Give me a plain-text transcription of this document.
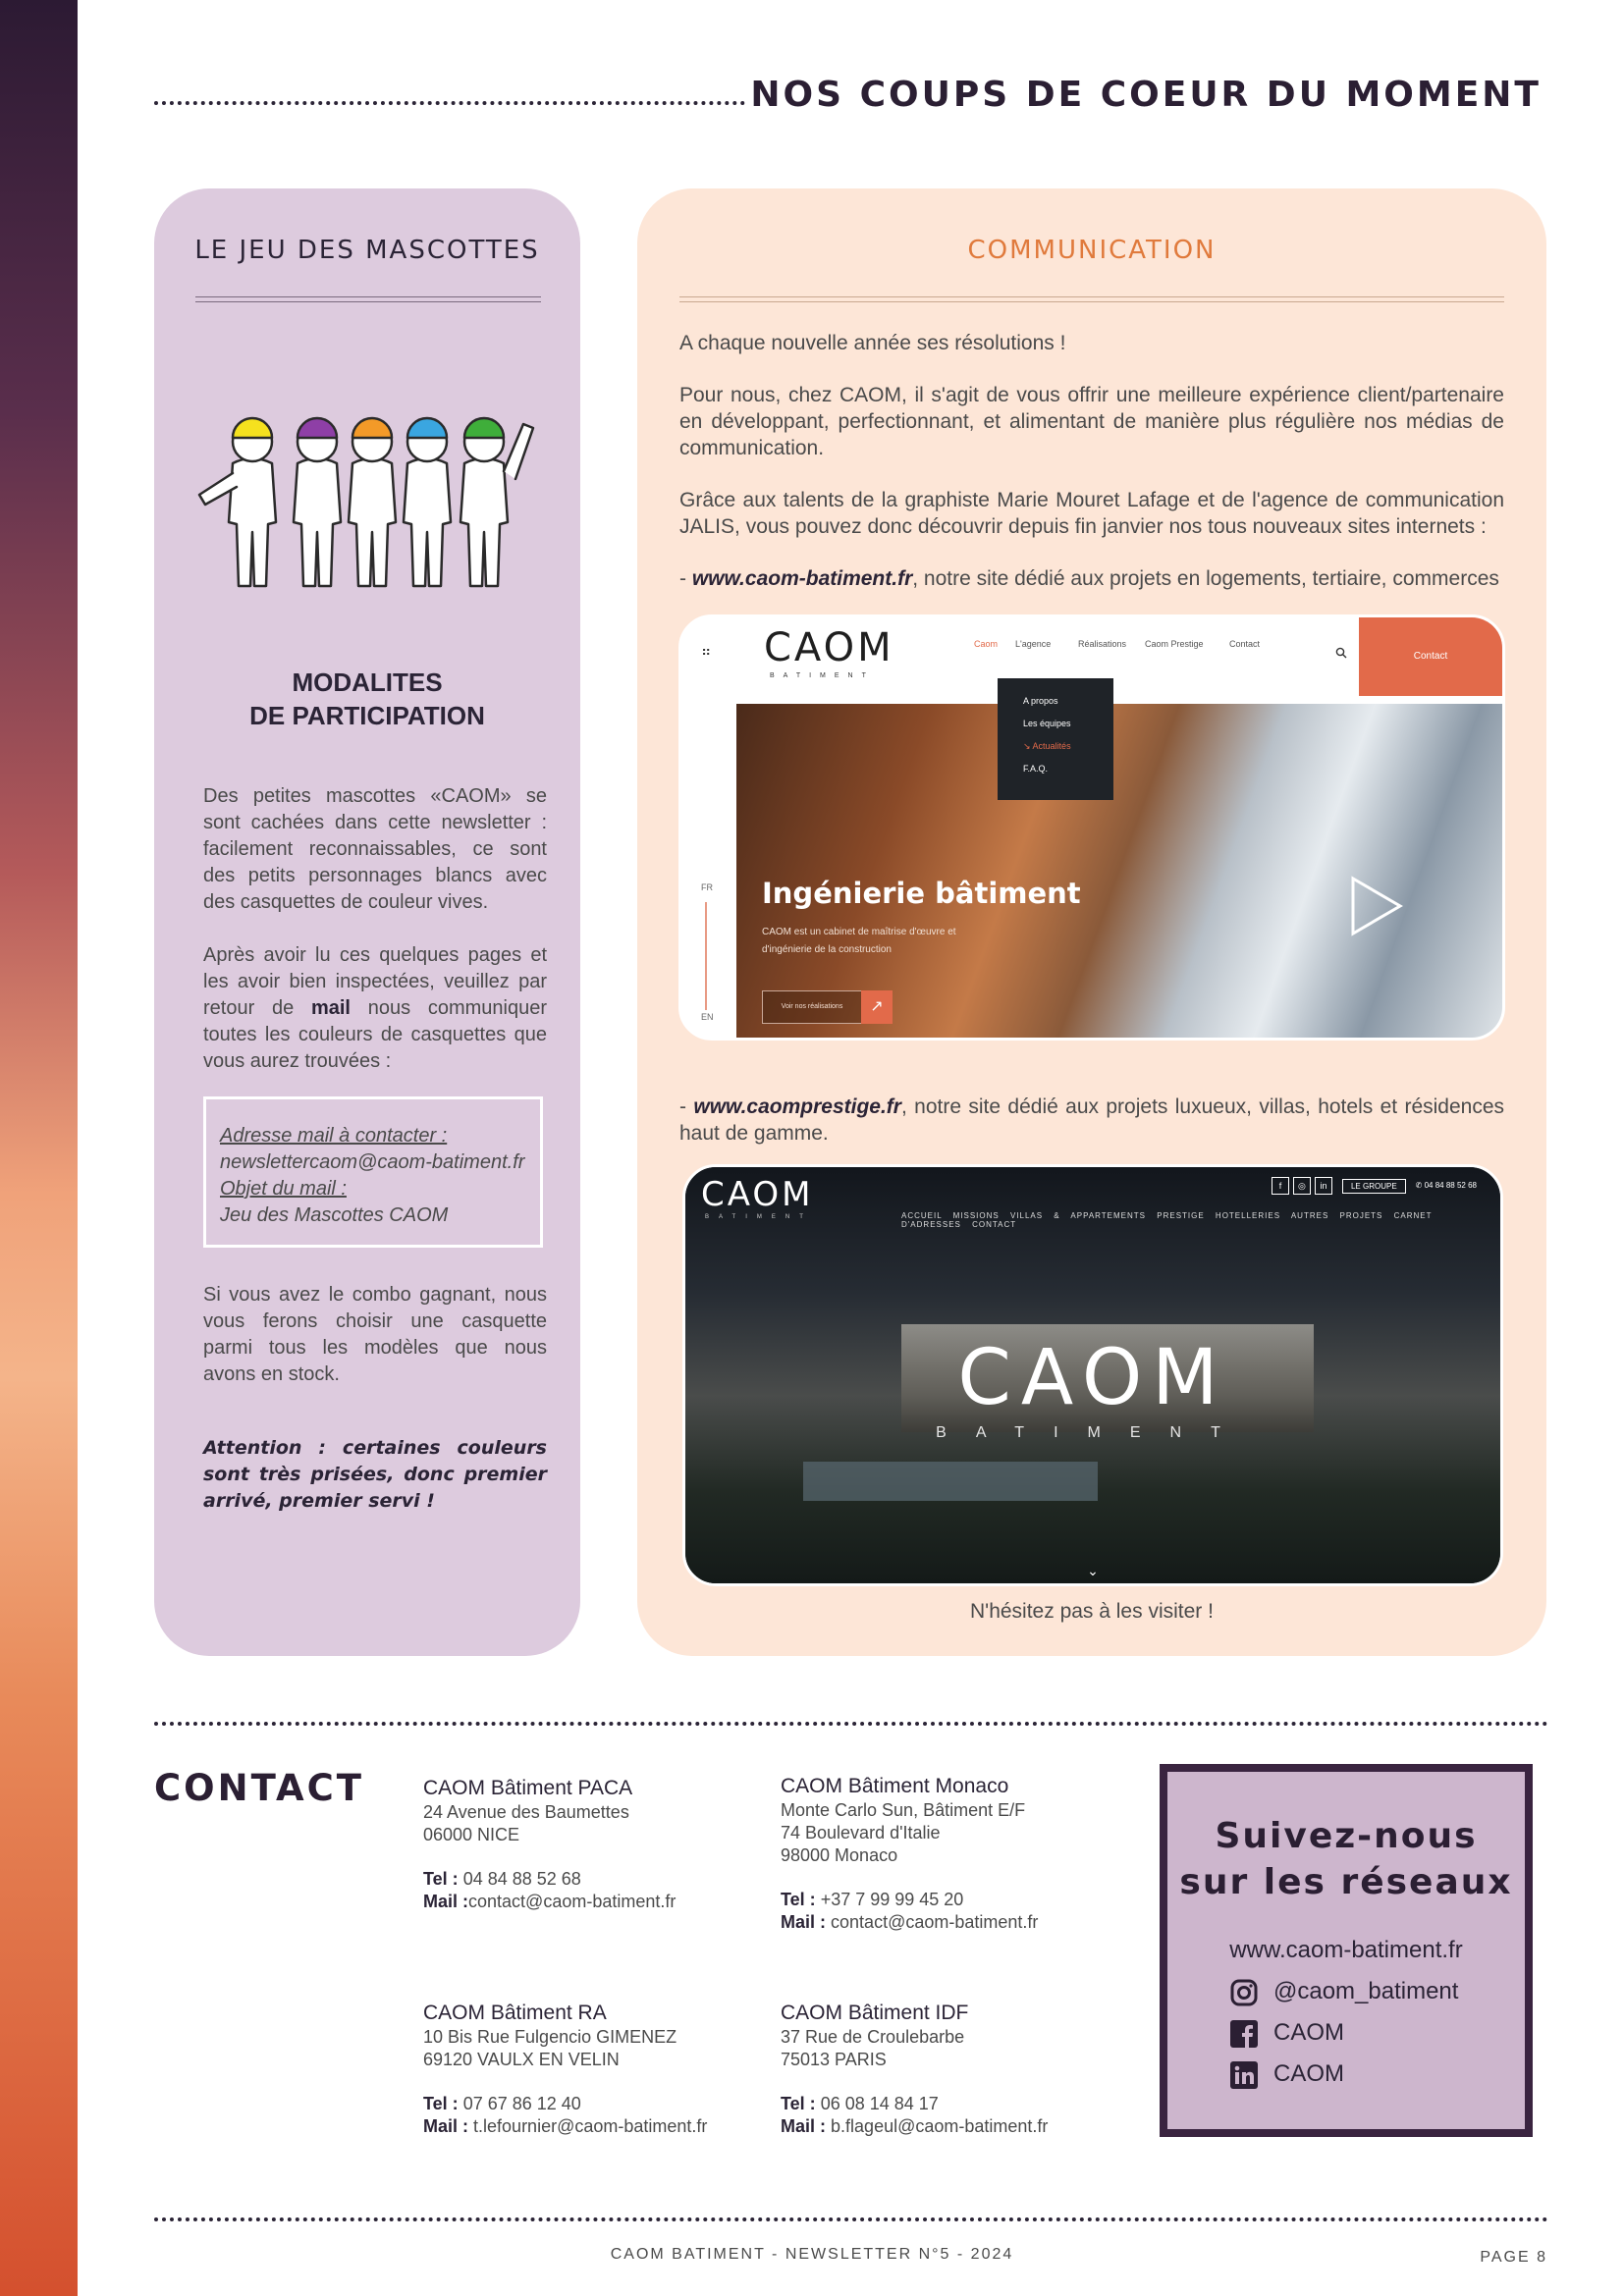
NOS COUPS DE COEUR DU MOMENT
LE JEU DES MASCOTTES
MODALITES
DE PARTICIPATION

Des petites mascottes «CAOM» se sont cachées dans cette newsletter : facilement reconnaissables, ce sont des petits personnages blancs avec des casquettes de couleur vives.

Après avoir lu ces quelques pages et les avoir bien inspectées, veuillez par retour de mail nous communiquer toutes les couleurs de casquettes que vous aurez trouvées :

Adresse mail à contacter :
newslettercaom@caom-batiment.fr
Objet du mail :
Jeu des Mascottes CAOM

Si vous avez le combo gagnant, nous vous ferons choisir une casquette parmi tous les modèles que nous avons en stock.

Attention : certaines couleurs sont très prisées, donc premier arrivé, premier servi !

COMMUNICATION

A chaque nouvelle année ses résolutions !

Pour nous, chez CAOM, il s'agit de vous offrir une meilleure expérience client/partenaire en développant, perfectionnant, et alimentant de manière plus régulière nos médias de communication.

Grâce aux talents de la graphiste Marie Mouret Lafage et de l'agence de communication JALIS, vous pouvez donc découvrir depuis fin janvier nos tous nouveaux sites internets :

- www.caom-batiment.fr, notre site dédié aux projets en logements, tertiaire, commerces

⠶ CAOM
BATIMENT
Caom L'agence	Réalisations Caom Prestige	Contact
Contact
A propos
Les équipes
↘ Actualités
F.A.Q.
FR
EN
Ingénierie bâtiment
CAOM est un cabinet de maîtrise d'œuvre et d'ingénierie de la construction
Voir nos réalisations	↗

- www.caomprestige.fr, notre site dédié aux projets luxueux, villas, hotels et résidences haut de gamme.

CAOM
BATIMENT	ACCUEIL MISSIONS VILLAS & APPARTEMENTS PRESTIGE HOTELLERIES AUTRES PROJETS CARNET D'ADRESSES CONTACT
f ◎ in	LE GROUPE ✆ 04 84 88 52 68
CAOM
BATIMENT
⌄
N'hésitez pas à les visiter !
CONTACT	CAOM Bâtiment PACA
24 Avenue des Baumettes
06000 NICE
Tel : 04 84 88 52 68
Mail :contact@caom-batiment.fr
CAOM Bâtiment Monaco
Monte Carlo Sun, Bâtiment E/F
74 Boulevard d'Italie
98000 Monaco
Tel : +37 7 99 99 45 20
Mail : contact@caom-batiment.fr
CAOM Bâtiment RA
10 Bis Rue Fulgencio GIMENEZ
69120 VAULX EN VELIN
Tel : 07 67 86 12 40
Mail : t.lefournier@caom-batiment.fr
CAOM Bâtiment IDF
37 Rue de Croulebarbe
75013 PARIS
Tel : 06 08 14 84 17
Mail : b.flageul@caom-batiment.fr
Suivez-nous
sur les réseaux
www.caom-batiment.fr
@caom_batiment
CAOM
CAOM
CAOM BATIMENT - NEWSLETTER N°5 - 2024	PAGE 8
